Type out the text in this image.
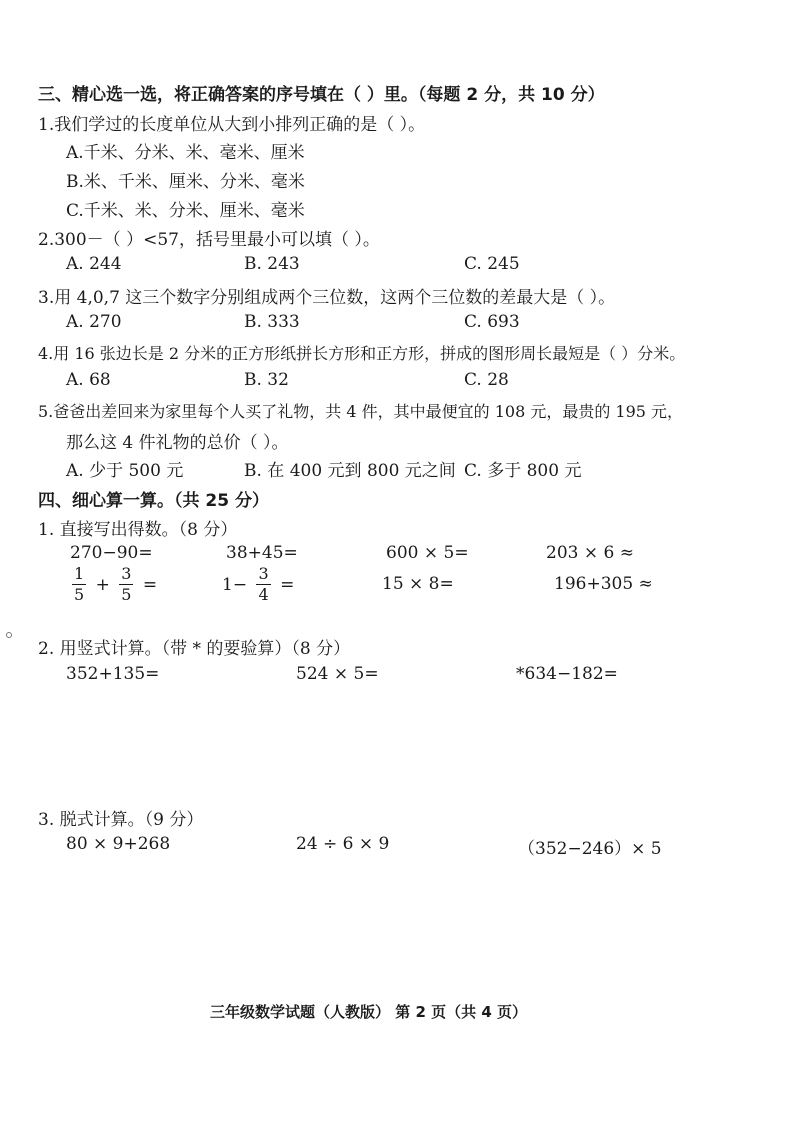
三、精心选一选，将正确答案的序号填在（ ）里。（每题 2 分，共 10 分）
1.我们学过的长度单位从大到小排列正确的是（ ）。
A.千米、分米、米、毫米、厘米
B.米、千米、厘米、分米、毫米
C.千米、米、分米、厘米、毫米
2.300－（ ）<57，括号里最小可以填（ ）。
A. 244	B. 243	C. 245
3.用 4,0,7 这三个数字分别组成两个三位数，这两个三位数的差最大是（ ）。
A. 270	B. 333	C. 693
4.用 16 张边长是 2 分米的正方形纸拼长方形和正方形，拼成的图形周长最短是（ ）分米。
A. 68	B. 32	C. 28
5.爸爸出差回来为家里每个人买了礼物，共 4 件，其中最便宜的 108 元，最贵的 195 元，
那么这 4 件礼物的总价（ ）。
A. 少于 500 元	B. 在 400 元到 800 元之间 C. 多于 800 元
四、细心算一算。（共 25 分）
1. 直接写出得数。（8 分）
270−90=	38+45=	600 × 5=	203 × 6 ≈
$\frac{1}{5} + \frac{3}{5}$ =	$1- \frac{3}{4}$ =	15 × 8=	196+305 ≈
2. 用竖式计算。（带 * 的要验算）（8 分）
352+135=	524 × 5=	*634−182=
3. 脱式计算。（9 分）
80 × 9+268	24 ÷ 6 × 9	（352−246）× 5
三年级数学试题（人教版） 第 2 页（共 4 页）
